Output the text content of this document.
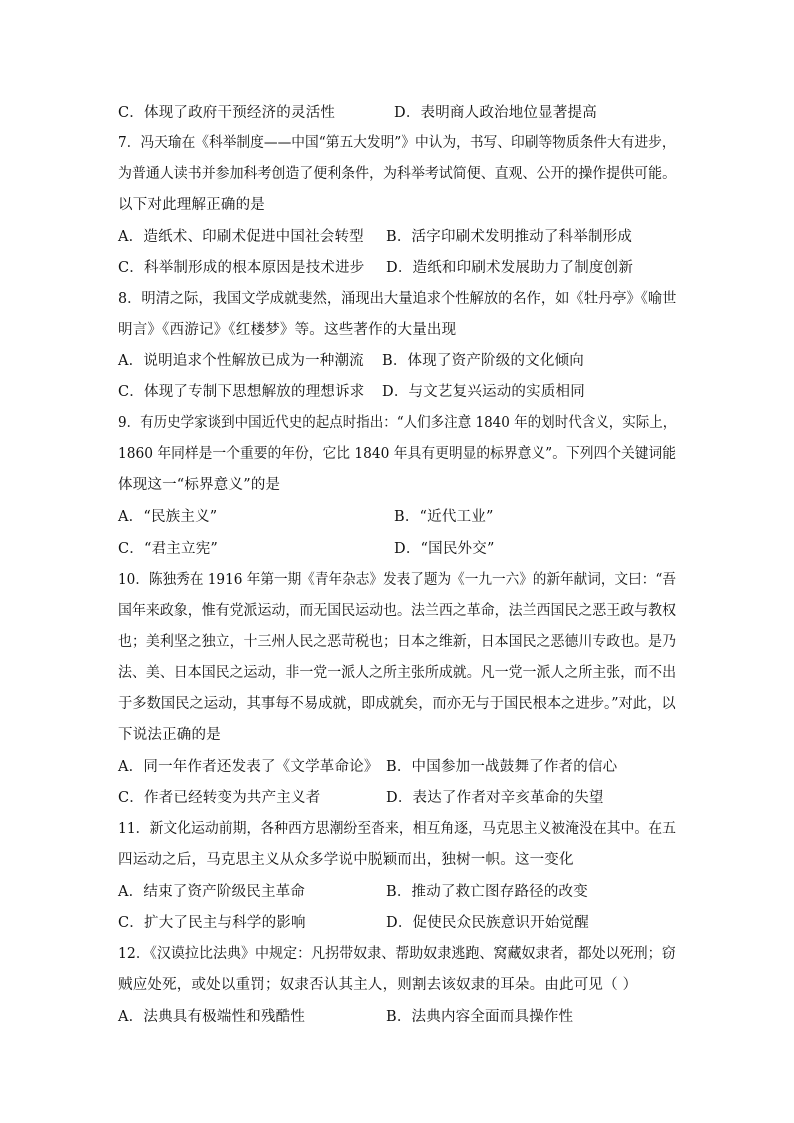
C．体现了政府干预经济的灵活性	D．表明商人政治地位显著提高
7．冯天瑜在《科举制度——中国“第五大发明”》中认为，书写、印刷等物质条件大有进步，
为普通人读书并参加科考创造了便利条件，为科举考试简便、直观、公开的操作提供可能。
以下对此理解正确的是
A．造纸术、印刷术促进中国社会转型 B．活字印刷术发明推动了科举制形成
C．科举制形成的根本原因是技术进步 D．造纸和印刷术发展助力了制度创新
8．明清之际，我国文学成就斐然，涌现出大量追求个性解放的名作，如《牡丹亭》《喻世
明言》《西游记》《红楼梦》等。这些著作的大量出现
A．说明追求个性解放已成为一种潮流 B．体现了资产阶级的文化倾向
C．体现了专制下思想解放的理想诉求 D．与文艺复兴运动的实质相同
9．有历史学家谈到中国近代史的起点时指出：“人们多注意 1840 年的划时代含义，实际上，
1860 年同样是一个重要的年份，它比 1840 年具有更明显的标界意义”。下列四个关键词能
体现这一“标界意义”的是
A．“民族主义”	B．“近代工业”
C．“君主立宪”	D．“国民外交”
10．陈独秀在 1916 年第一期《青年杂志》发表了题为《一九一六》的新年献词，文曰：“吾
国年来政象，惟有党派运动，而无国民运动也。法兰西之革命，法兰西国民之恶王政与教权
也；美利坚之独立，十三州人民之恶苛税也；日本之维新，日本国民之恶德川专政也。是乃
法、美、日本国民之运动，非一党一派人之所主张所成就。凡一党一派人之所主张，而不出
于多数国民之运动，其事每不易成就，即成就矣，而亦无与于国民根本之进步。”对此，以
下说法正确的是
A．同一年作者还发表了《文学革命论》 B．中国参加一战鼓舞了作者的信心
C．作者已经转变为共产主义者	D．表达了作者对辛亥革命的失望
11．新文化运动前期，各种西方思潮纷至沓来，相互角逐，马克思主义被淹没在其中。在五
四运动之后，马克思主义从众多学说中脱颖而出，独树一帜。这一变化
A．结束了资产阶级民主革命	B．推动了救亡图存路径的改变
C．扩大了民主与科学的影响	D．促使民众民族意识开始觉醒
12．《汉谟拉比法典》中规定：凡拐带奴隶、帮助奴隶逃跑、窝藏奴隶者，都处以死刑；窃
贼应处死，或处以重罚；奴隶否认其主人，则割去该奴隶的耳朵。由此可见（ ）
A．法典具有极端性和残酷性	B．法典内容全面而具操作性
